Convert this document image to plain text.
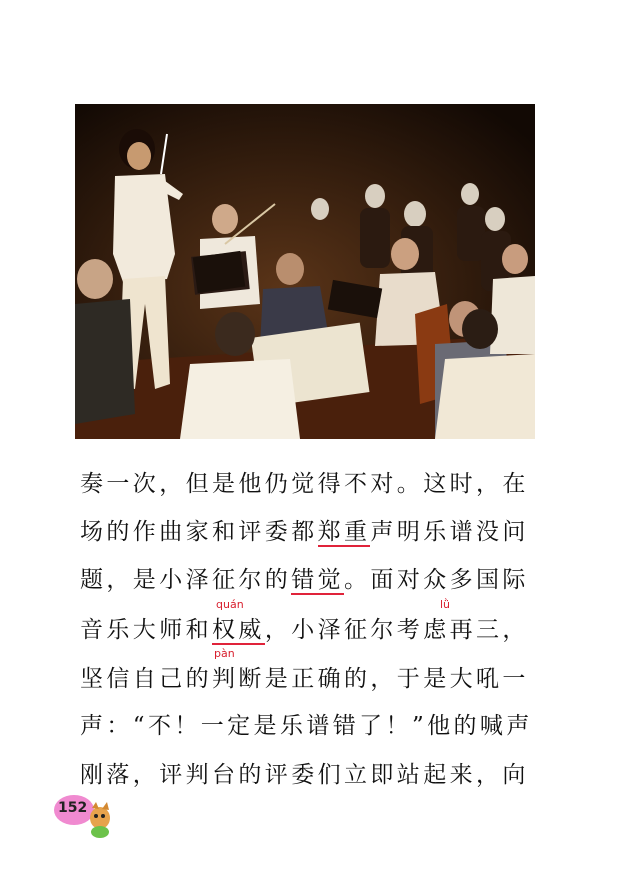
奏一次，但是他仍觉得不对。这时，在
场的作曲家和评委都郑重声明乐谱没问
题，是小泽征尔的错觉。面对众多国际
quán	lǜ
音乐大师和权威，小泽征尔考虑再三，
pàn
坚信自己的判断是正确的，于是大吼一
声：“不！一定是乐谱错了！”他的喊声
刚落，评判台的评委们立即站起来，向
152
